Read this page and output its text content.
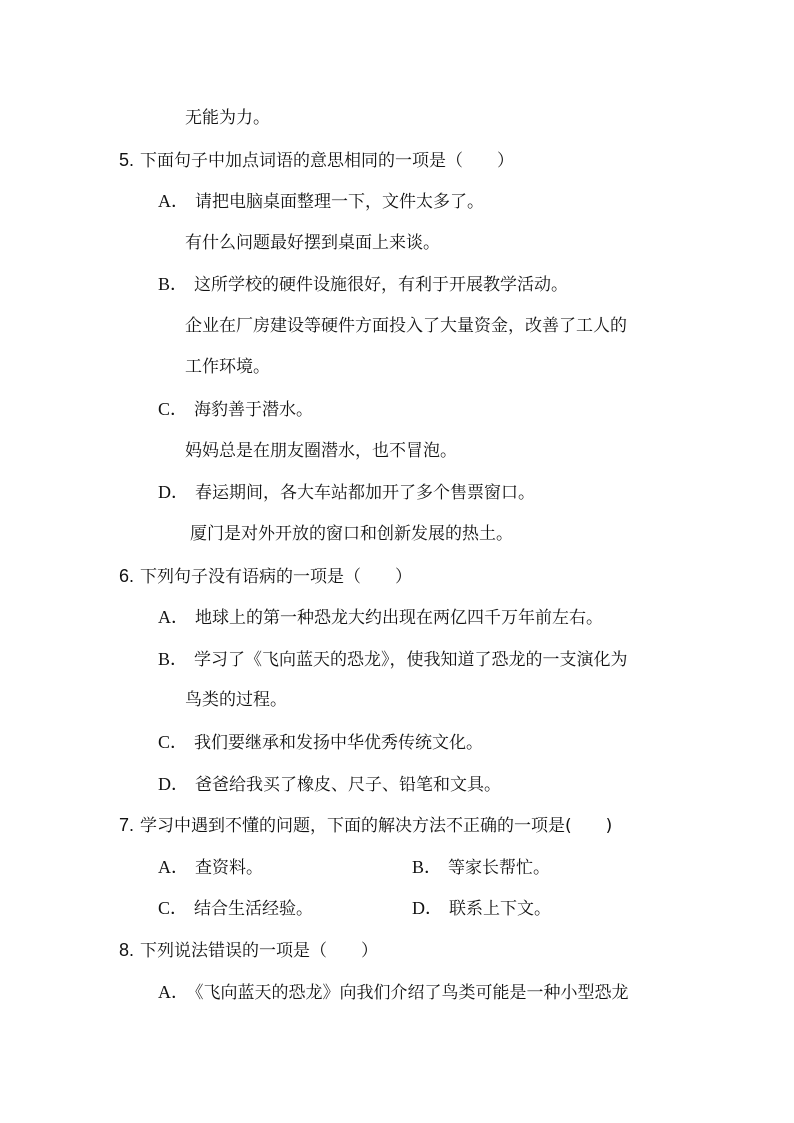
无能为力。
5. 下面句子中加点词语的意思相同的一项是（　　）
A． 请把电脑桌面整理一下，文件太多了。
有什么问题最好摆到桌面上来谈。
B． 这所学校的硬件设施很好，有利于开展教学活动。
企业在厂房建设等硬件方面投入了大量资金，改善了工人的
工作环境。
C． 海豹善于潜水。
妈妈总是在朋友圈潜水，也不冒泡。
D． 春运期间，各大车站都加开了多个售票窗口。
厦门是对外开放的窗口和创新发展的热土。
6. 下列句子没有语病的一项是（　　）
A． 地球上的第一种恐龙大约出现在两亿四千万年前左右。
B． 学习了《飞向蓝天的恐龙》，使我知道了恐龙的一支演化为
鸟类的过程。
C． 我们要继承和发扬中华优秀传统文化。
D． 爸爸给我买了橡皮、尺子、铅笔和文具。
7. 学习中遇到不懂的问题，下面的解决方法不正确的一项是(　　)
A． 查资料。	B． 等家长帮忙。
C． 结合生活经验。	D． 联系上下文。
8. 下列说法错误的一项是（　　）
A． 《飞向蓝天的恐龙》向我们介绍了鸟类可能是一种小型恐龙
